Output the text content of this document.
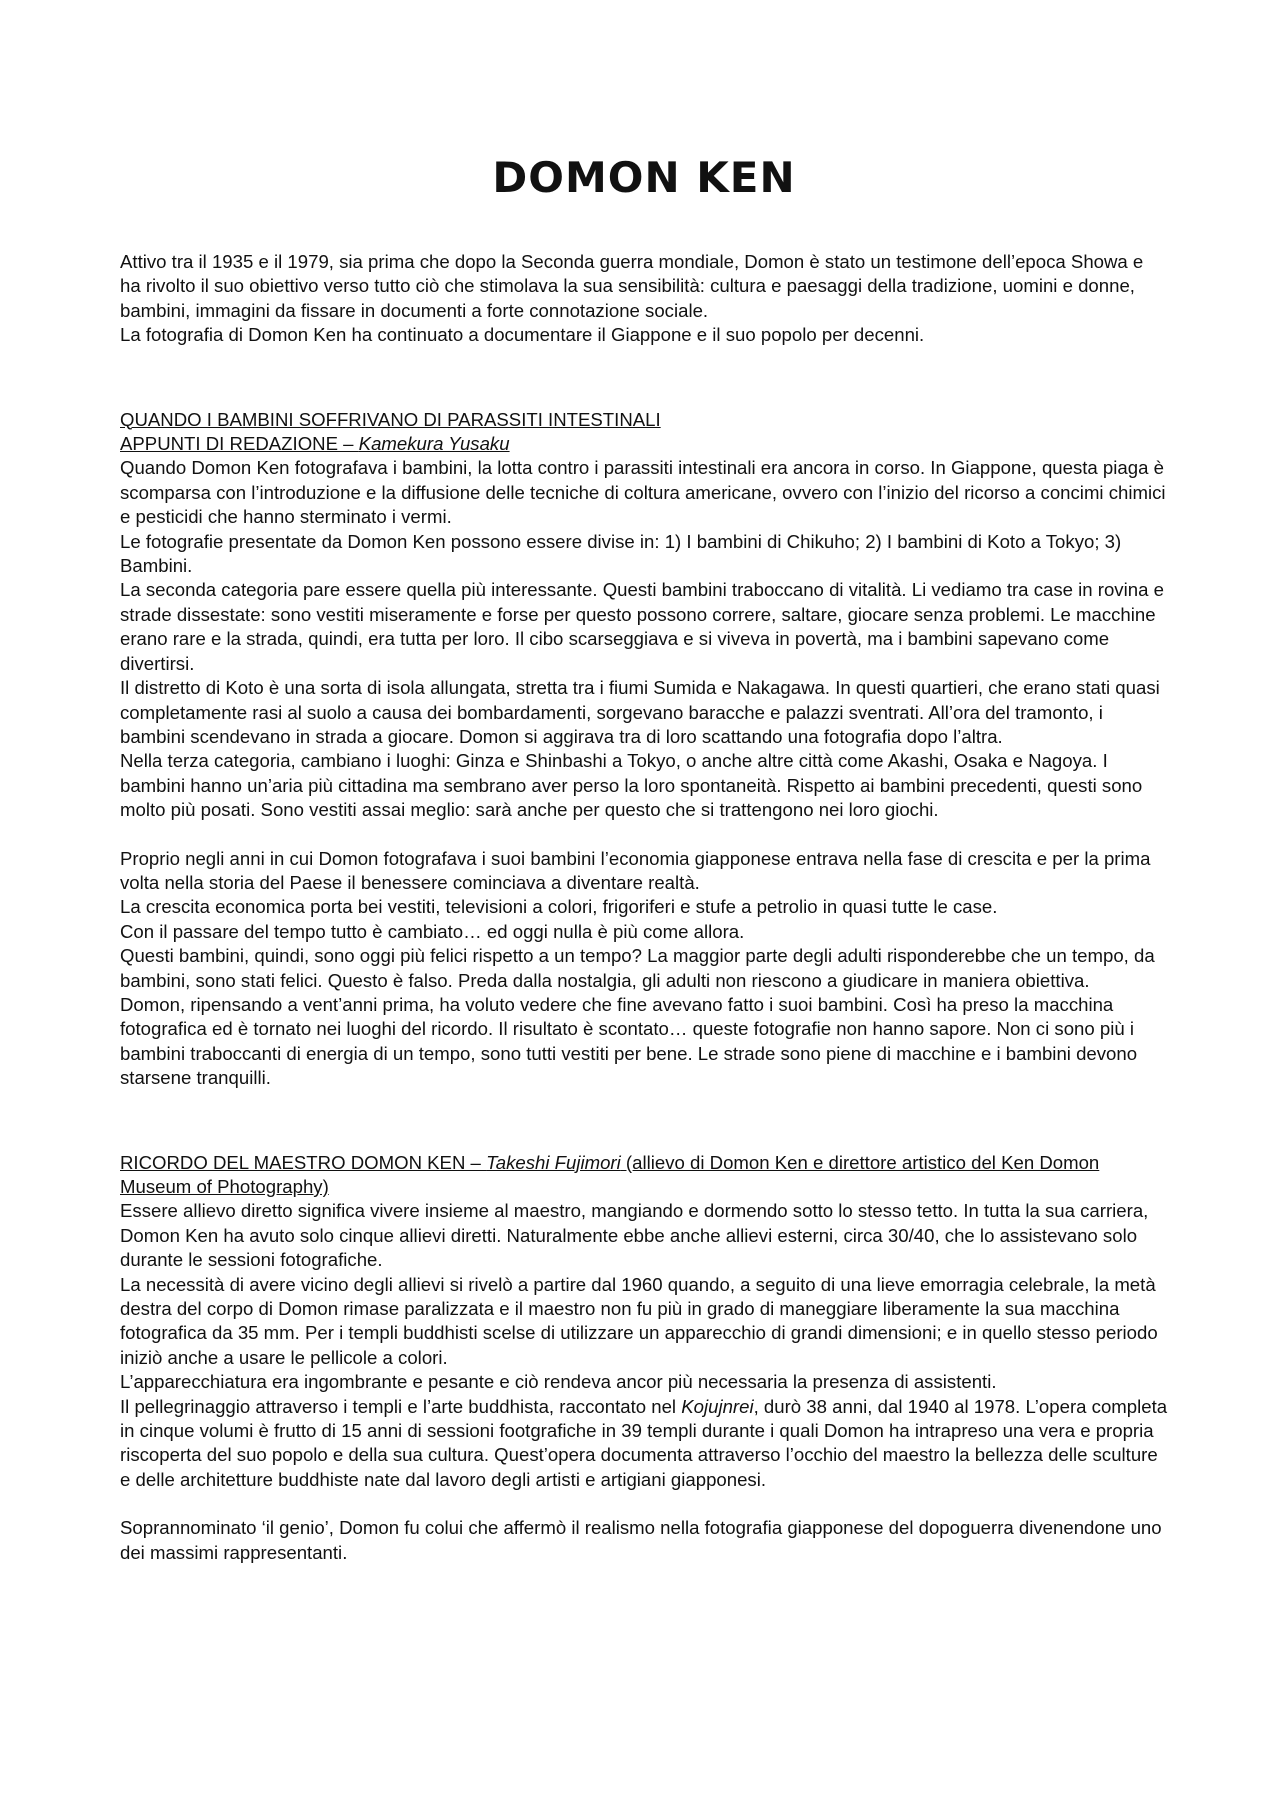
DOMON KEN

Attivo tra il 1935 e il 1979, sia prima che dopo la Seconda guerra mondiale, Domon è stato un testimone dell’epoca Showa e ha rivolto il suo obiettivo verso tutto ciò che stimolava la sua sensibilità: cultura e paesaggi della tradizione, uomini e donne, bambini, immagini da fissare in documenti a forte connotazione sociale.

La fotografia di Domon Ken ha continuato a documentare il Giappone e il suo popolo per decenni.

QUANDO I BAMBINI SOFFRIVANO DI PARASSITI INTESTINALI
APPUNTI DI REDAZIONE – Kamekura Yusaku

Quando Domon Ken fotografava i bambini, la lotta contro i parassiti intestinali era ancora in corso. In Giappone, questa piaga è scomparsa con l’introduzione e la diffusione delle tecniche di coltura americane, ovvero con l’inizio del ricorso a concimi chimici e pesticidi che hanno sterminato i vermi.

Le fotografie presentate da Domon Ken possono essere divise in: 1) I bambini di Chikuho; 2) I bambini di Koto a Tokyo; 3) Bambini.

La seconda categoria pare essere quella più interessante. Questi bambini traboccano di vitalità. Li vediamo tra case in rovina e strade dissestate: sono vestiti miseramente e forse per questo possono correre, saltare, giocare senza problemi. Le macchine erano rare e la strada, quindi, era tutta per loro. Il cibo scarseggiava e si viveva in povertà, ma i bambini sapevano come divertirsi.

Il distretto di Koto è una sorta di isola allungata, stretta tra i fiumi Sumida e Nakagawa. In questi quartieri, che erano stati quasi completamente rasi al suolo a causa dei bombardamenti, sorgevano baracche e palazzi sventrati. All’ora del tramonto, i bambini scendevano in strada a giocare. Domon si aggirava tra di loro scattando una fotografia dopo l’altra.

Nella terza categoria, cambiano i luoghi: Ginza e Shinbashi a Tokyo, o anche altre città come Akashi, Osaka e Nagoya. I bambini hanno un’aria più cittadina ma sembrano aver perso la loro spontaneità. Rispetto ai bambini precedenti, questi sono molto più posati. Sono vestiti assai meglio: sarà anche per questo che si trattengono nei loro giochi.

Proprio negli anni in cui Domon fotografava i suoi bambini l’economia giapponese entrava nella fase di crescita e per la prima volta nella storia del Paese il benessere cominciava a diventare realtà.

La crescita economica porta bei vestiti, televisioni a colori, frigoriferi e stufe a petrolio in quasi tutte le case.

Con il passare del tempo tutto è cambiato… ed oggi nulla è più come allora.

Questi bambini, quindi, sono oggi più felici rispetto a un tempo? La maggior parte degli adulti risponderebbe che un tempo, da bambini, sono stati felici. Questo è falso. Preda dalla nostalgia, gli adulti non riescono a giudicare in maniera obiettiva.

Domon, ripensando a vent’anni prima, ha voluto vedere che fine avevano fatto i suoi bambini. Così ha preso la macchina fotografica ed è tornato nei luoghi del ricordo. Il risultato è scontato… queste fotografie non hanno sapore. Non ci sono più i bambini traboccanti di energia di un tempo, sono tutti vestiti per bene. Le strade sono piene di macchine e i bambini devono starsene tranquilli.

RICORDO DEL MAESTRO DOMON KEN – Takeshi Fujimori (allievo di Domon Ken e direttore artistico del Ken Domon Museum of Photography)

Essere allievo diretto significa vivere insieme al maestro, mangiando e dormendo sotto lo stesso tetto. In tutta la sua carriera, Domon Ken ha avuto solo cinque allievi diretti. Naturalmente ebbe anche allievi esterni, circa 30/40, che lo assistevano solo durante le sessioni fotografiche.

La necessità di avere vicino degli allievi si rivelò a partire dal 1960 quando, a seguito di una lieve emorragia celebrale, la metà destra del corpo di Domon rimase paralizzata e il maestro non fu più in grado di maneggiare liberamente la sua macchina fotografica da 35 mm. Per i templi buddhisti scelse di utilizzare un apparecchio di grandi dimensioni; e in quello stesso periodo iniziò anche a usare le pellicole a colori.

L’apparecchiatura era ingombrante e pesante e ciò rendeva ancor più necessaria la presenza di assistenti.

Il pellegrinaggio attraverso i templi e l’arte buddhista, raccontato nel Kojujnrei, durò 38 anni, dal 1940 al 1978. L’opera completa in cinque volumi è frutto di 15 anni di sessioni footgrafiche in 39 templi durante i quali Domon ha intrapreso una vera e propria riscoperta del suo popolo e della sua cultura. Quest’opera documenta attraverso l’occhio del maestro la bellezza delle sculture e delle architetture buddhiste nate dal lavoro degli artisti e artigiani giapponesi.

Soprannominato ‘il genio’, Domon fu colui che affermò il realismo nella fotografia giapponese del dopoguerra divenendone uno dei massimi rappresentanti.
